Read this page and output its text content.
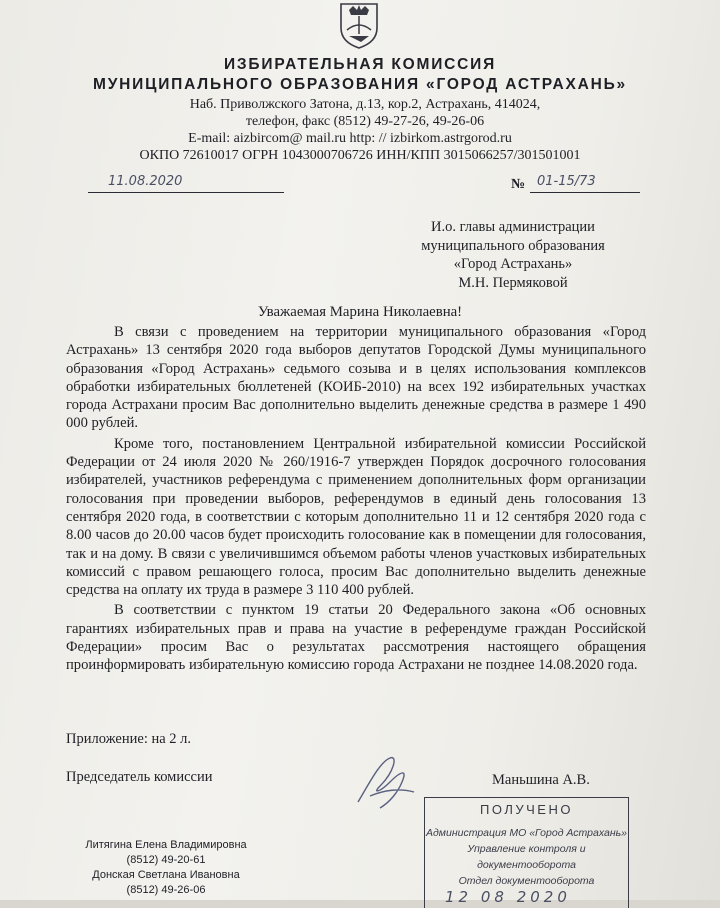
ИЗБИРАТЕЛЬНАЯ КОМИССИЯ
МУНИЦИПАЛЬНОГО ОБРАЗОВАНИЯ «ГОРОД АСТРАХАНЬ»
Наб. Приволжского Затона, д.13, кор.2, Астрахань, 414024,
телефон, факс (8512) 49-27-26, 49-26-06
E-mail: aizbircom@ mail.ru http: // izbirkom.astrgorod.ru
ОКПО 72610017 ОГРН 1043000706726 ИНН/КПП 3015066257/301501001
11.08.2020	№ 01-15/73
И.о. главы администрации
муниципального образования
«Город Астрахань»
М.Н. Пермяковой
Уважаемая Марина Николаевна!

В связи с проведением на территории муниципального образования «Город Астрахань» 13 сентября 2020 года выборов депутатов Городской Думы муниципального образования «Город Астрахань» седьмого созыва и в целях использования комплексов обработки избирательных бюллетеней (КОИБ-2010) на всех 192 избирательных участках города Астрахани просим Вас дополнительно выделить денежные средства в размере 1 490 000 рублей.

Кроме того, постановлением Центральной избирательной комиссии Российской Федерации от 24 июля 2020 № 260/1916-7 утвержден Порядок досрочного голосования избирателей, участников референдума с применением дополнительных форм организации голосования при проведении выборов, референдумов в единый день голосования 13 сентября 2020 года, в соответствии с которым дополнительно 11 и 12 сентября 2020 года с 8.00 часов до 20.00 часов будет происходить голосование как в помещении для голосования, так и на дому. В связи с увеличившимся объемом работы членов участковых избирательных комиссий с правом решающего голоса, просим Вас дополнительно выделить денежные средства на оплату их труда в размере 3 110 400 рублей.

В соответствии с пунктом 19 статьи 20 Федерального закона «Об основных гарантиях избирательных прав и права на участие в референдуме граждан Российской Федерации» просим Вас о результатах рассмотрения настоящего обращения проинформировать избирательную комиссию города Астрахани не позднее 14.08.2020 года.

Приложение: на 2 л.
Председатель комиссии	Маньшина А.В.
Литягина Елена Владимировна
(8512) 49-20-61
Донская Светлана Ивановна
(8512) 49-26-06
ПОЛУЧЕНО
Администрация МО «Город Астрахань»
Управление контроля и документооборота
Отдел документооборота
12 08 2020
